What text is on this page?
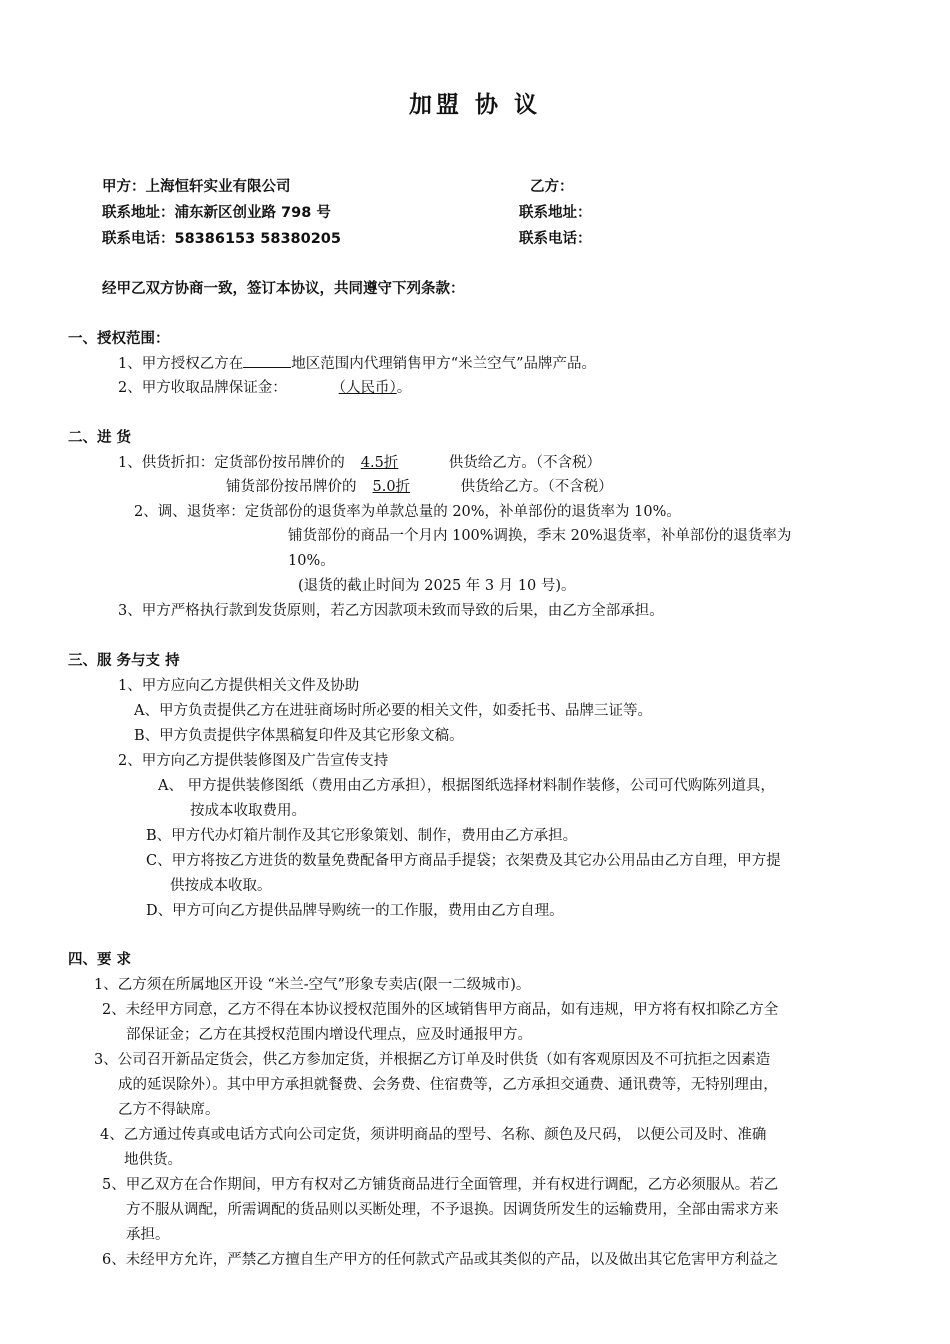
加盟 协 议
甲方：上海恒轩实业有限公司
联系地址：浦东新区创业路 798 号
联系电话：58386153 58380205
乙方：
联系地址：
联系电话：
经甲乙双方协商一致，签订本协议，共同遵守下列条款：
一、授权范围：
1、甲方授权乙方在	地区范围内代理销售甲方“米兰空气”品牌产品。
2、甲方收取品牌保证金：	（人民币）。
二、进 货
1、供货折扣：定货部份按吊牌价的 4.5折	供货给乙方。（不含税）
铺货部份按吊牌价的 5.0折	供货给乙方。（不含税）
2、调、退货率：定货部份的退货率为单款总量的 20%，补单部份的退货率为 10%。
铺货部份的商品一个月内 100%调换，季末 20%退货率，补单部份的退货率为
10%。
(退货的截止时间为 2025 年 3 月 10 号)。
3、甲方严格执行款到发货原则，若乙方因款项未致而导致的后果，由乙方全部承担。
三、服 务与支 持
1、甲方应向乙方提供相关文件及协助
A、甲方负责提供乙方在进驻商场时所必要的相关文件，如委托书、品牌三证等。
B、甲方负责提供字体黑稿复印件及其它形象文稿。
2、甲方向乙方提供装修图及广告宣传支持
A、 甲方提供装修图纸（费用由乙方承担），根据图纸选择材料制作装修，公司可代购陈列道具，
按成本收取费用。
B、甲方代办灯箱片制作及其它形象策划、制作，费用由乙方承担。
C、甲方将按乙方进货的数量免费配备甲方商品手提袋；衣架费及其它办公用品由乙方自理，甲方提
供按成本收取。
D、甲方可向乙方提供品牌导购统一的工作服，费用由乙方自理。
四、要 求
1、乙方须在所属地区开设 “米兰-空气”形象专卖店(限一二级城市)。
2、未经甲方同意，乙方不得在本协议授权范围外的区域销售甲方商品，如有违规，甲方将有权扣除乙方全
部保证金；乙方在其授权范围内增设代理点，应及时通报甲方。
3、公司召开新品定货会，供乙方参加定货，并根据乙方订单及时供货（如有客观原因及不可抗拒之因素造
成的延误除外）。其中甲方承担就餐费、会务费、住宿费等，乙方承担交通费、通讯费等，无特别理由，
乙方不得缺席。
4、乙方通过传真或电话方式向公司定货，须讲明商品的型号、名称、颜色及尺码， 以便公司及时、准确
地供货。
5、甲乙双方在合作期间，甲方有权对乙方铺货商品进行全面管理，并有权进行调配，乙方必须服从。若乙
方不服从调配，所需调配的货品则以买断处理，不予退换。因调货所发生的运输费用，全部由需求方来
承担。
6、未经甲方允许，严禁乙方擅自生产甲方的任何款式产品或其类似的产品，以及做出其它危害甲方利益之
